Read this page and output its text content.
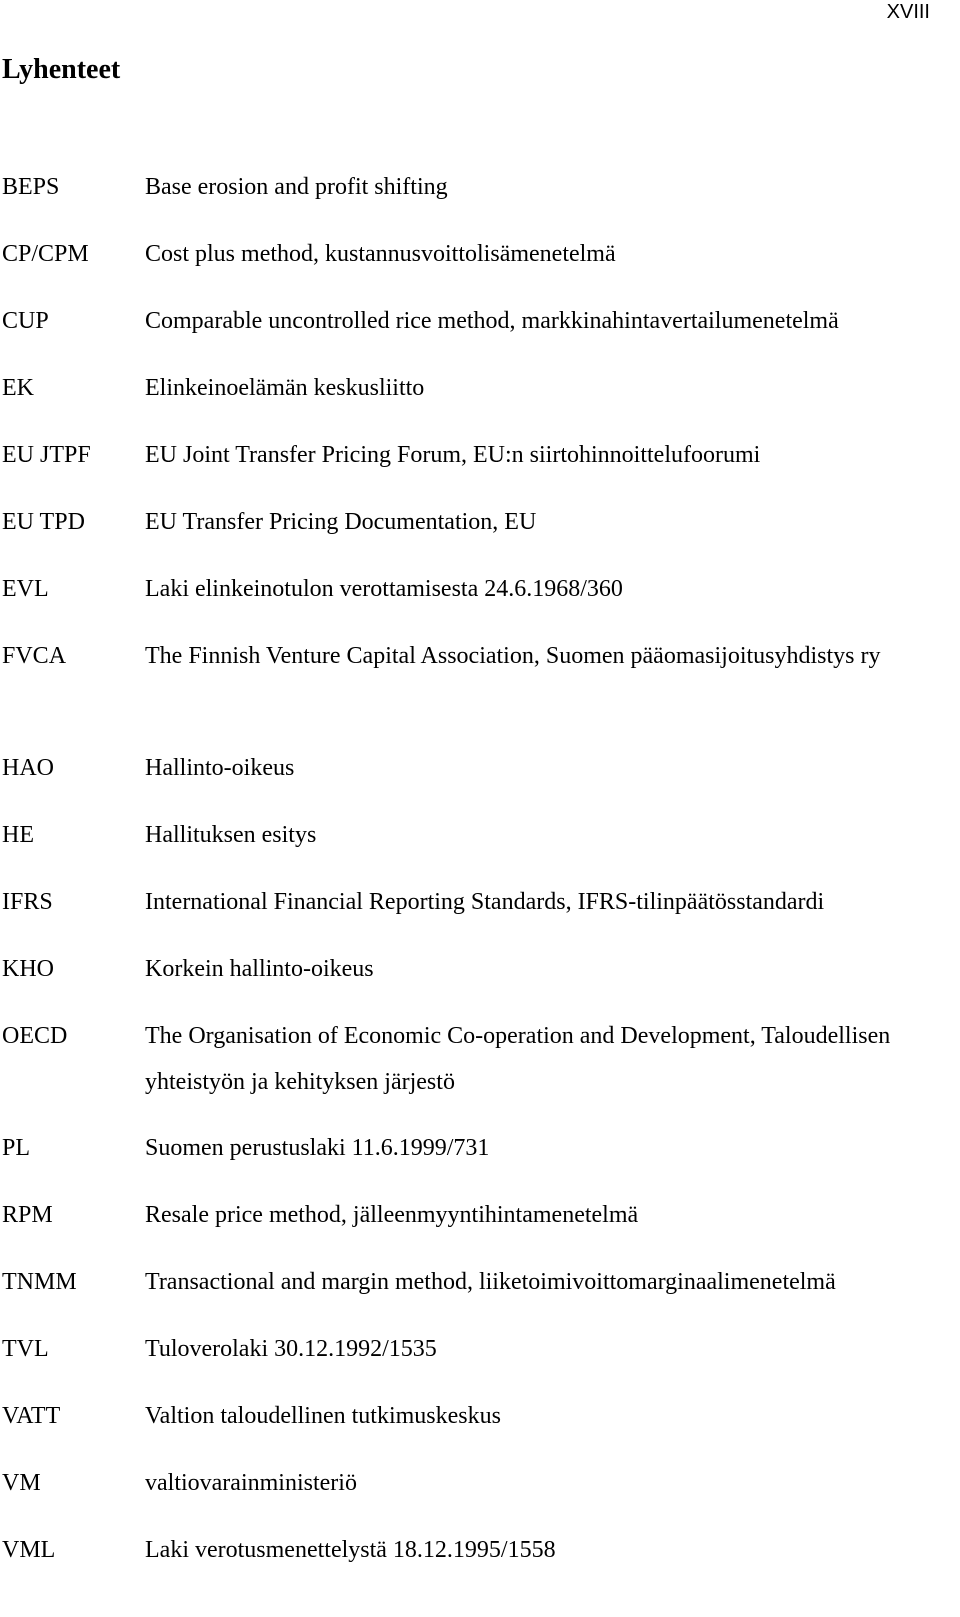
XVIII
Lyhenteet
BEPS	Base erosion and profit shifting
CP/CPM	Cost plus method, kustannusvoittolisämenetelmä
CUP	Comparable uncontrolled rice method, markkinahintavertailumenetelmä
EK	Elinkeinoelämän keskusliitto
EU JTPF	EU Joint Transfer Pricing Forum, EU:n siirtohinnoittelufoorumi
EU TPD	EU Transfer Pricing Documentation, EU
EVL	Laki elinkeinotulon verottamisesta 24.6.1968/360
FVCA	The Finnish Venture Capital Association, Suomen pääomasijoitusyhdistys ry
HAO	Hallinto-oikeus
HE	Hallituksen esitys
IFRS	International Financial Reporting Standards, IFRS-tilinpäätösstandardi
KHO	Korkein hallinto-oikeus
OECD	The Organisation of Economic Co-operation and Development, Taloudellisen yhteistyön ja kehityksen järjestö
PL	Suomen perustuslaki 11.6.1999/731
RPM	Resale price method, jälleenmyyntihintamenetelmä
TNMM	Transactional and margin method, liiketoimivoittomarginaalimenetelmä
TVL	Tuloverolaki 30.12.1992/1535
VATT	Valtion taloudellinen tutkimuskeskus
VM	valtiovarainministeriö
VML	Laki verotusmenettelystä 18.12.1995/1558
